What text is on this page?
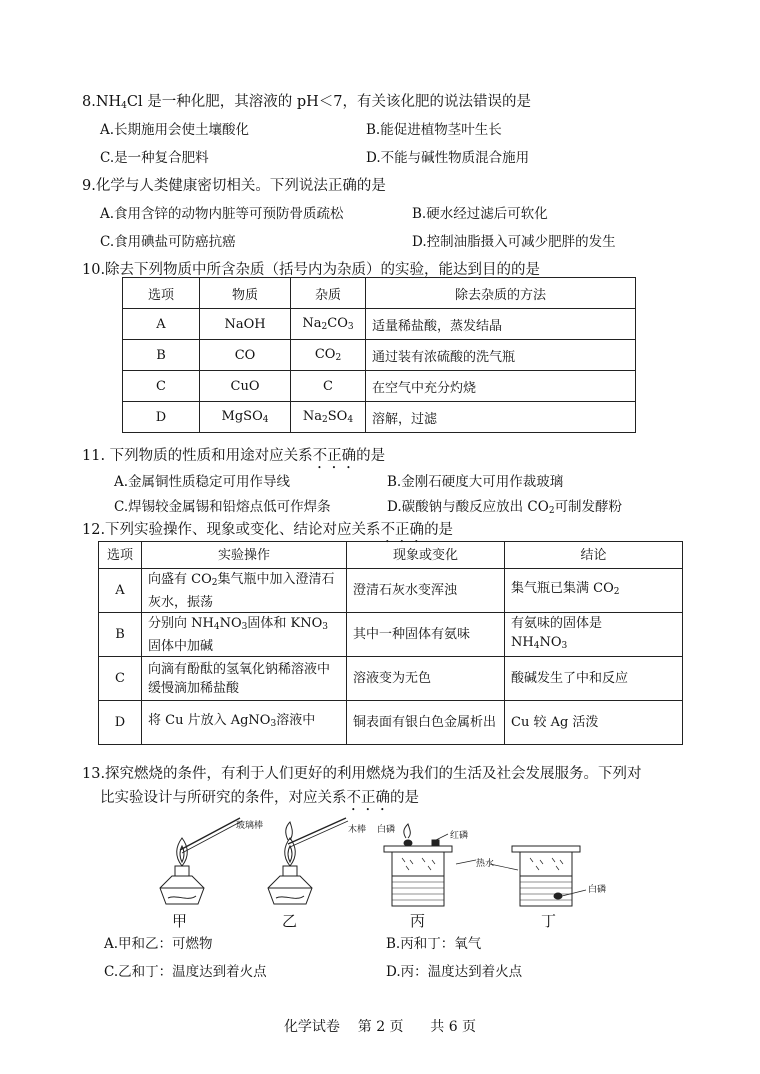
$8.NH_4Cl$ 是一种化肥，其溶液的 pH＜7，有关该化肥的说法错误的是
A.长期施用会使土壤酸化	B.能促进植物茎叶生长
C.是一种复合肥料	D.不能与碱性物质混合施用
9.化学与人类健康密切相关。下列说法正确的是
A.食用含锌的动物内脏等可预防骨质疏松	B.硬水经过滤后可软化
C.食用碘盐可防癌抗癌	D.控制油脂摄入可减少肥胖的发生
10.除去下列物质中所含杂质（括号内为杂质）的实验，能达到目的的是
选项	物质	杂质	除去杂质的方法
A	NaOH	$Na_2CO_3$	适量稀盐酸，蒸发结晶
B	CO	$CO_2$	通过装有浓硫酸的洗气瓶
C	CuO	C	在空气中充分灼烧
D	MgSO$_4$	$Na_2SO_4$	溶解，过滤
11. 下列物质的性质和用途对应关系不正确的是
A.金属铜性质稳定可用作导线	B.金刚石硬度大可用作裁玻璃
C.焊锡较金属锡和铅熔点低可作焊条	D.碳酸钠与酸反应放出 $CO_2$可制发酵粉
12.下列实验操作、现象或变化、结论对应关系不正确的是
选项	实验操作	现象或变化	结论
A	向盛有 $CO_2$集气瓶中加入澄清石灰水，振荡	澄清石灰水变浑浊	集气瓶已集满 $CO_2$
B	分别向 $NH_4NO_3$固体和 $KNO_3$固体中加碱	其中一种固体有氨味	有氨味的固体是
$NH_4NO_3$
C	向滴有酚酞的氢氧化钠稀溶液中缓慢滴加稀盐酸	溶液变为无色	酸碱发生了中和反应
D	将 Cu 片放入 AgNO$_3$溶液中	铜表面有银白色金属析出	Cu 较 Ag 活泼
13.探究燃烧的条件，有利于人们更好的利用燃烧为我们的生活及社会发展服务。下列对
比实验设计与所研究的条件，对应关系不正确的是
玻璃棒	木棒 白磷
红磷
热水
白磷
甲	乙	丙	丁
A.甲和乙：可燃物	B.丙和丁：氧气
C.乙和丁：温度达到着火点	D.丙：温度达到着火点
化学试卷    第 2 页      共 6 页
